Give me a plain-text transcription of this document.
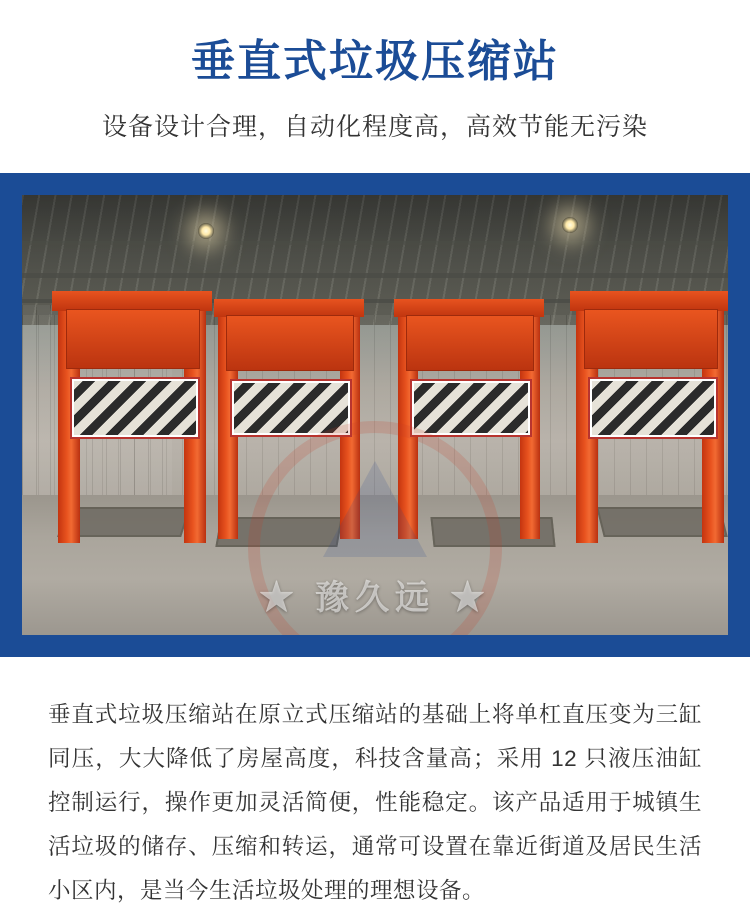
垂直式垃圾压缩站

设备设计合理，自动化程度高，高效节能无污染

★ 豫久远 ★

垂直式垃圾压缩站在原立式压缩站的基础上将单杠直压变为三缸同压，大大降低了房屋高度，科技含量高；采用 12 只液压油缸控制运行，操作更加灵活简便，性能稳定。该产品适用于城镇生活垃圾的储存、压缩和转运，通常可设置在靠近街道及居民生活小区内，是当今生活垃圾处理的理想设备。
